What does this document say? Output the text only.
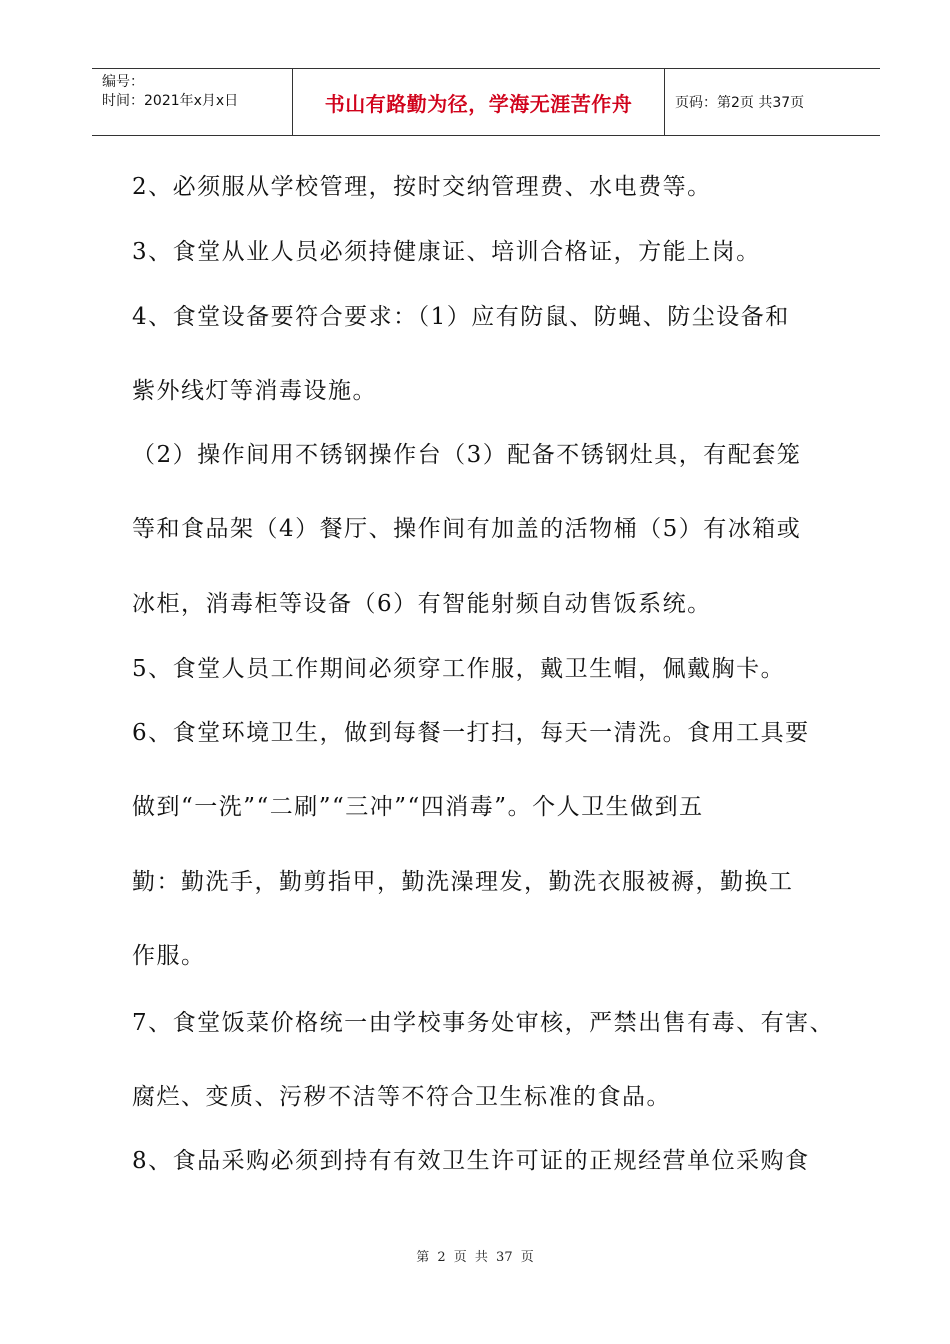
编号：
时间：2021年x月x日	书山有路勤为径，学海无涯苦作舟	页码：第2页 共37页
2、必须服从学校管理，按时交纳管理费、水电费等。
3、食堂从业人员必须持健康证、培训合格证，方能上岗。
4、食堂设备要符合要求：（1）应有防鼠、防蝇、防尘设备和
紫外线灯等消毒设施。
（2）操作间用不锈钢操作台（3）配备不锈钢灶具，有配套笼
等和食品架（4）餐厅、操作间有加盖的活物桶（5）有冰箱或
冰柜，消毒柜等设备（6）有智能射频自动售饭系统。
5、食堂人员工作期间必须穿工作服，戴卫生帽，佩戴胸卡。
6、食堂环境卫生，做到每餐一打扫，每天一清洗。食用工具要
做到“一洗”“二刷”“三冲”“四消毒”。个人卫生做到五
勤：勤洗手，勤剪指甲，勤洗澡理发，勤洗衣服被褥，勤换工
作服。
7、食堂饭菜价格统一由学校事务处审核，严禁出售有毒、有害、
腐烂、变质、污秽不洁等不符合卫生标准的食品。
8、食品采购必须到持有有效卫生许可证的正规经营单位采购食
第 2 页 共 37 页
